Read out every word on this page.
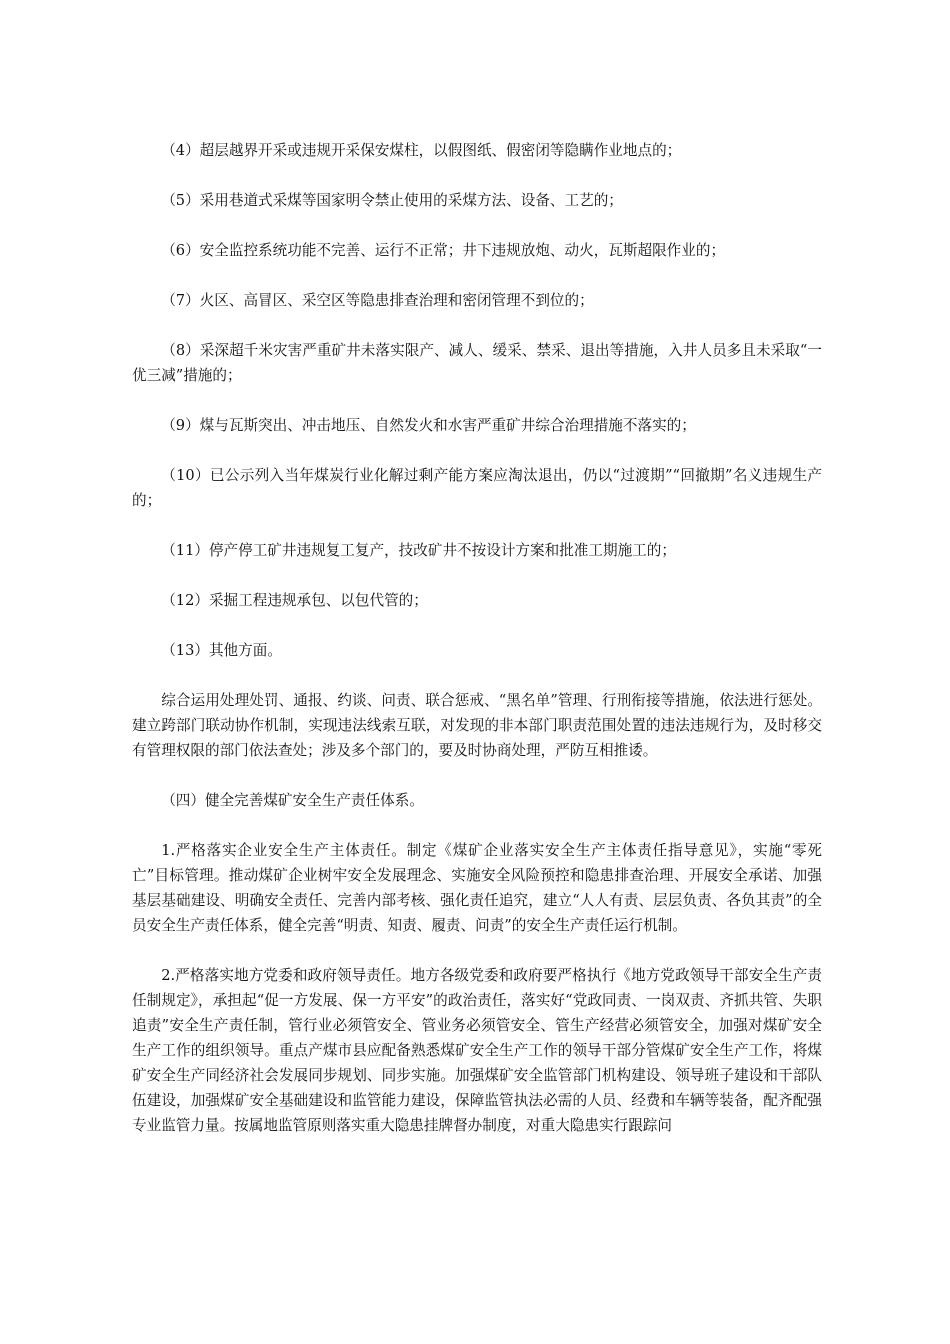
（4）超层越界开采或违规开采保安煤柱，以假图纸、假密闭等隐瞒作业地点的；

（5）采用巷道式采煤等国家明令禁止使用的采煤方法、设备、工艺的；

（6）安全监控系统功能不完善、运行不正常；井下违规放炮、动火，瓦斯超限作业的；

（7）火区、高冒区、采空区等隐患排查治理和密闭管理不到位的；

（8）采深超千米灾害严重矿井未落实限产、减人、缓采、禁采、退出等措施，入井人员多且未采取“一优三减”措施的；

（9）煤与瓦斯突出、冲击地压、自然发火和水害严重矿井综合治理措施不落实的；

（10）已公示列入当年煤炭行业化解过剩产能方案应淘汰退出，仍以“过渡期”“回撤期”名义违规生产的；

（11）停产停工矿井违规复工复产，技改矿井不按设计方案和批准工期施工的；

（12）采掘工程违规承包、以包代管的；

（13）其他方面。

综合运用处理处罚、通报、约谈、问责、联合惩戒、“黑名单”管理、行刑衔接等措施，依法进行惩处。建立跨部门联动协作机制，实现违法线索互联，对发现的非本部门职责范围处置的违法违规行为，及时移交有管理权限的部门依法查处；涉及多个部门的，要及时协商处理，严防互相推诿。

（四）健全完善煤矿安全生产责任体系。

1.严格落实企业安全生产主体责任。制定《煤矿企业落实安全生产主体责任指导意见》，实施“零死亡”目标管理。推动煤矿企业树牢安全发展理念、实施安全风险预控和隐患排查治理、开展安全承诺、加强基层基础建设、明确安全责任、完善内部考核、强化责任追究，建立“人人有责、层层负责、各负其责”的全员安全生产责任体系，健全完善“明责、知责、履责、问责”的安全生产责任运行机制。

2.严格落实地方党委和政府领导责任。地方各级党委和政府要严格执行《地方党政领导干部安全生产责任制规定》，承担起“促一方发展、保一方平安”的政治责任，落实好“党政同责、一岗双责、齐抓共管、失职追责”安全生产责任制，管行业必须管安全、管业务必须管安全、管生产经营必须管安全，加强对煤矿安全生产工作的组织领导。重点产煤市县应配备熟悉煤矿安全生产工作的领导干部分管煤矿安全生产工作，将煤矿安全生产同经济社会发展同步规划、同步实施。加强煤矿安全监管部门机构建设、领导班子建设和干部队伍建设，加强煤矿安全基础建设和监管能力建设，保障监管执法必需的人员、经费和车辆等装备，配齐配强专业监管力量。按属地监管原则落实重大隐患挂牌督办制度，对重大隐患实行跟踪问
